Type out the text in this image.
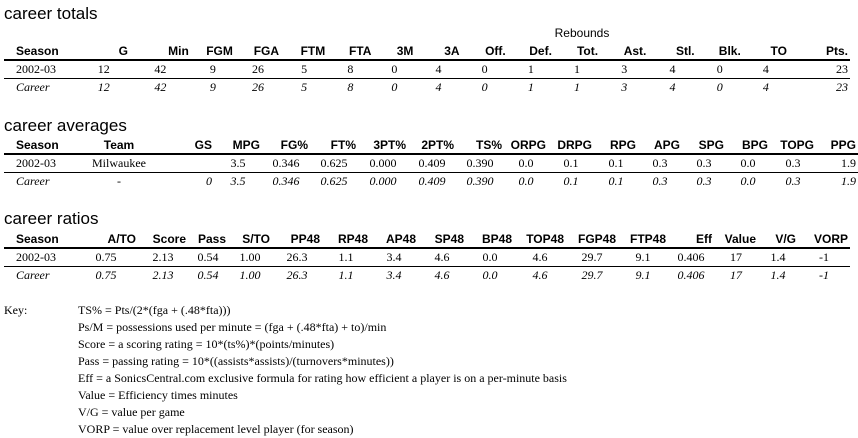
career totals
Rebounds
Season	G	Min	FGM	FGA	FTM	FTA	3M	3A	Off.	Def.	Tot.	Ast.	Stl.	Blk.	TO	Pts.
2002-03	12	42	9	26	5	8	0	4	0	1	1	3	4	0	4	23
Career	12	42	9	26	5	8	0	4	0	1	1	3	4	0	4	23
career averages
Season	Team	GS	MPG	FG%	FT%	3PT%	2PT%	TS%	ORPG	DRPG	RPG	APG	SPG	BPG	TOPG	PPG
2002-03	Milwaukee		3.5	0.346	0.625	0.000	0.409	0.390	0.0	0.1	0.1	0.3	0.3	0.0	0.3	1.9
Career	-	0	3.5	0.346	0.625	0.000	0.409	0.390	0.0	0.1	0.1	0.3	0.3	0.0	0.3	1.9
career ratios
Season	A/TO	Score	Pass	S/TO	PP48	RP48	AP48	SP48	BP48	TOP48	FGP48	FTP48	Eff	Value	V/G	VORP
2002-03	0.75	2.13	0.54	1.00	26.3	1.1	3.4	4.6	0.0	4.6	29.7	9.1	0.406	17	1.4	-1
Career	0.75	2.13	0.54	1.00	26.3	1.1	3.4	4.6	0.0	4.6	29.7	9.1	0.406	17	1.4	-1
Key:	TS% = Pts/(2*(fga + (.48*fta)))
Ps/M = possessions used per minute = (fga + (.48*fta) + to)/min
Score = a scoring rating = 10*(ts%)*(points/minutes)
Pass = passing rating = 10*((assists*assists)/(turnovers*minutes))
Eff = a SonicsCentral.com exclusive formula for rating how efficient a player is on a per-minute basis
Value = Efficiency times minutes
V/G = value per game
VORP = value over replacement level player (for season)
